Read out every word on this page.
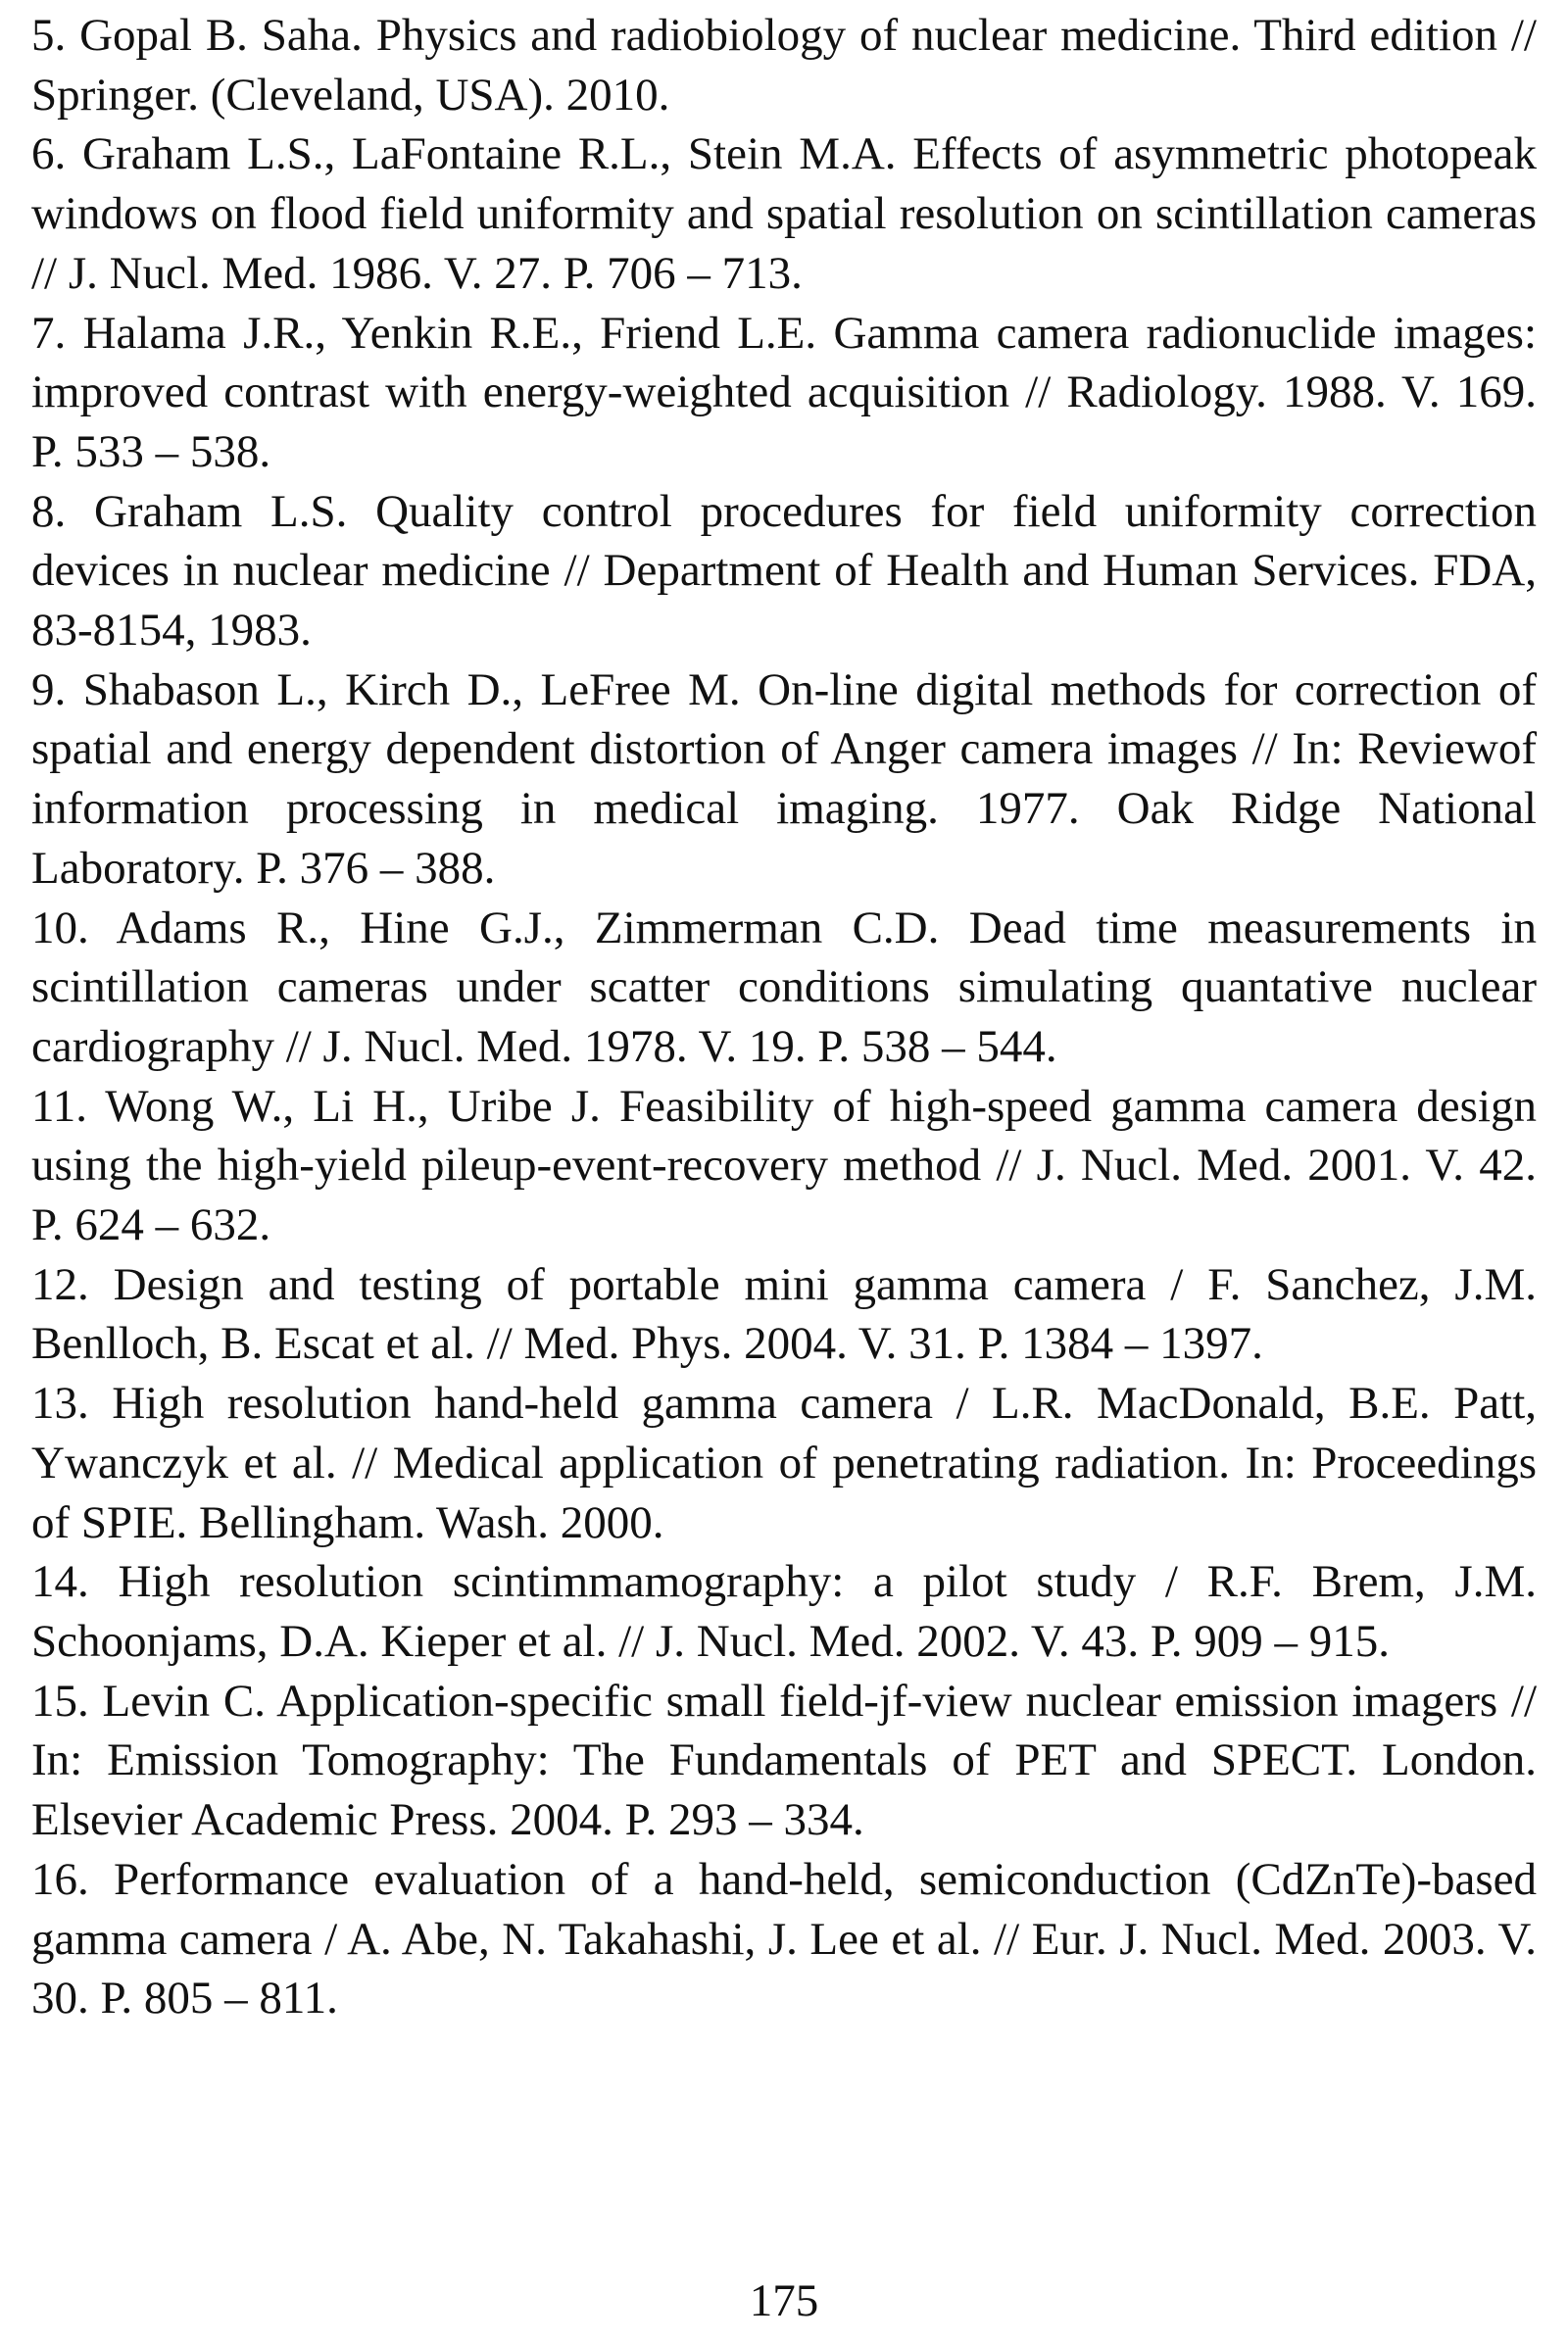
5. Gopal B. Saha. Physics and radiobiology of nuclear medicine. Third edition // Springer. (Cleveland, USA). 2010.
6. Graham L.S., LaFontaine R.L., Stein M.A. Effects of asymmetric photopeak windows on flood field uniformity and spatial resolution on scintillation cameras // J. Nucl. Med. 1986. V. 27. P. 706 – 713.
7. Halama J.R., Yenkin R.E., Friend L.E. Gamma camera radionuclide images: improved contrast with energy-weighted acquisition // Radiology. 1988. V. 169. P. 533 – 538.
8. Graham L.S. Quality control procedures for field uniformity correction devices in nuclear medicine // Department of Health and Human Services. FDA, 83-8154, 1983.
9. Shabason L., Kirch D., LeFree M. On-line digital methods for correction of spatial and energy dependent distortion of Anger camera images // In: Reviewof information processing in medical imaging. 1977. Oak Ridge National Laboratory. P. 376 – 388.
10. Adams R., Hine G.J., Zimmerman C.D. Dead time measurements in scintillation cameras under scatter conditions simulating quantative nuclear cardiography // J. Nucl. Med. 1978. V. 19. P. 538 – 544.
11. Wong W., Li H., Uribe J. Feasibility of high-speed gamma camera design using the high-yield pileup-event-recovery method // J. Nucl. Med. 2001. V. 42. P. 624 – 632.
12. Design and testing of portable mini gamma camera / F. Sanchez, J.M. Benlloch, B. Escat et al. // Med. Phys. 2004. V. 31. P. 1384 – 1397.
13. High resolution hand-held gamma camera / L.R. MacDonald, B.E. Patt, Ywanczyk et al. // Medical application of penetrating radiation. In: Proceedings of SPIE. Bellingham. Wash. 2000.
14. High resolution scintimmamography: a pilot study / R.F. Brem, J.M. Schoonjams, D.A. Kieper et al. // J. Nucl. Med. 2002. V. 43. P. 909 – 915.
15. Levin C. Application-specific small field-jf-view nuclear emission imagers // In: Emission Tomography: The Fundamentals of PET and SPECT. London. Elsevier Academic Press. 2004. P. 293 – 334.
16. Performance evaluation of a hand-held, semiconduction (CdZnTe)-based gamma camera / A. Abe, N. Takahashi, J. Lee et al. // Eur. J. Nucl. Med. 2003. V. 30. P. 805 – 811.
175
